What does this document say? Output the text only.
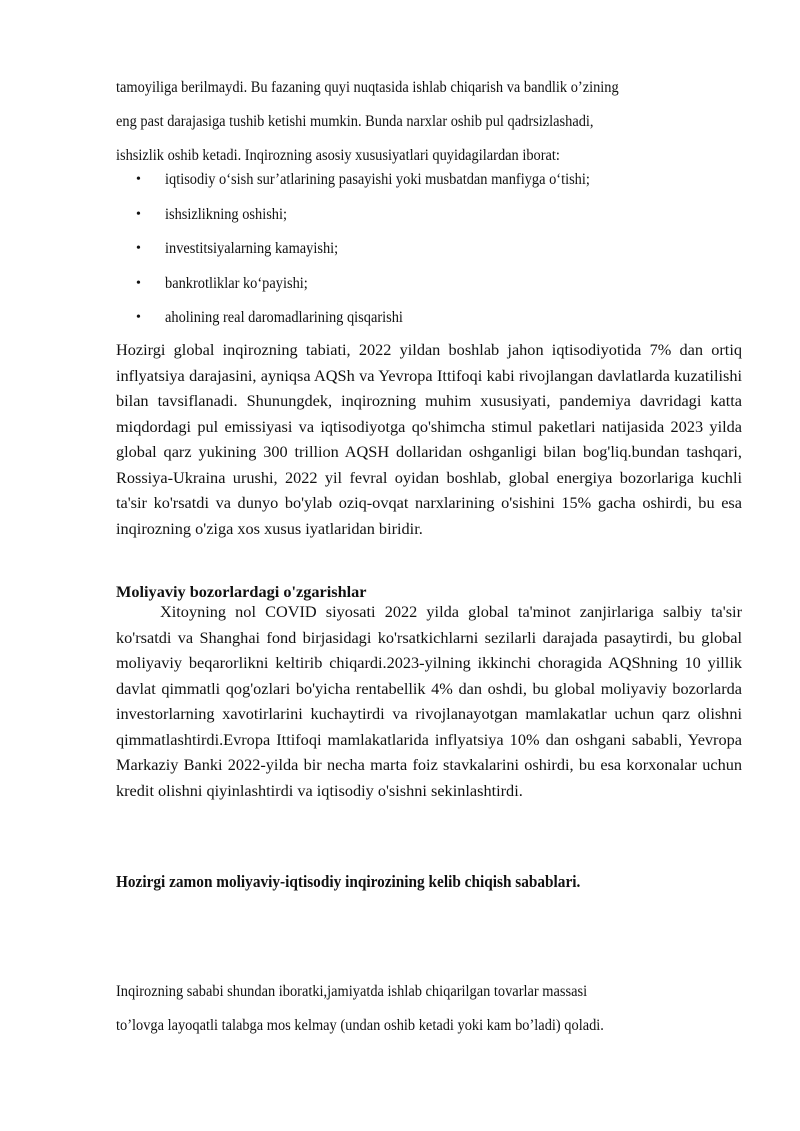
tamoyiliga berilmaydi. Bu fazaning quyi nuqtasida ishlab chiqarish va bandlik o’zining

eng past darajasiga tushib ketishi mumkin. Bunda narxlar oshib pul qadrsizlashadi,

ishsizlik oshib ketadi. Inqirozning asosiy xususiyatlari quyidagilardan iborat:

• iqtisodiy o‘sish sur’atlarining pasayishi yoki musbatdan manfiyga o‘tishi;
• ishsizlikning oshishi;
• investitsiyalarning kamayishi;
• bankrotliklar ko‘payishi;
• aholining real daromadlarining qisqarishi

Hozirgi global inqirozning tabiati, 2022 yildan boshlab jahon iqtisodiyotida 7% dan ortiq inflyatsiya darajasini, ayniqsa AQSh va Yevropa Ittifoqi kabi rivojlangan davlatlarda kuzatilishi bilan tavsiflanadi. Shunungdek, inqirozning muhim xususiyati, pandemiya davridagi katta miqdordagi pul emissiyasi va iqtisodiyotga qo'shimcha stimul paketlari natijasida 2023 yilda global qarz yukining 300 trillion AQSH dollaridan oshganligi bilan bog'liq.bundan tashqari, Rossiya-Ukraina urushi, 2022 yil fevral oyidan boshlab, global energiya bozorlariga kuchli ta'sir ko'rsatdi va dunyo bo'ylab oziq-ovqat narxlarining o'sishini 15% gacha oshirdi, bu esa inqirozning o'ziga xos xusus iyatlaridan biridir.

Moliyaviy bozorlardagi o'zgarishlar

Xitoyning nol COVID siyosati 2022 yilda global ta'minot zanjirlariga salbiy ta'sir ko'rsatdi va Shanghai fond birjasidagi ko'rsatkichlarni sezilarli darajada pasaytirdi, bu global moliyaviy beqarorlikni keltirib chiqardi.2023-yilning ikkinchi choragida AQShning 10 yillik davlat qimmatli qog'ozlari bo'yicha rentabellik 4% dan oshdi, bu global moliyaviy bozorlarda investorlarning xavotirlarini kuchaytirdi va rivojlanayotgan mamlakatlar uchun qarz olishni qimmatlashtirdi.Evropa Ittifoqi mamlakatlarida inflyatsiya 10% dan oshgani sababli, Yevropa Markaziy Banki 2022-yilda bir necha marta foiz stavkalarini oshirdi, bu esa korxonalar uchun kredit olishni qiyinlashtirdi va iqtisodiy o'sishni sekinlashtirdi.

Hozirgi zamon moliyaviy-iqtisodiy inqirozining kelib chiqish sabablari.

Inqirozning sababi shundan iboratki,jamiyatda ishlab chiqarilgan tovarlar massasi

to’lovga layoqatli talabga mos kelmay (undan oshib ketadi yoki kam bo’ladi) qoladi.
